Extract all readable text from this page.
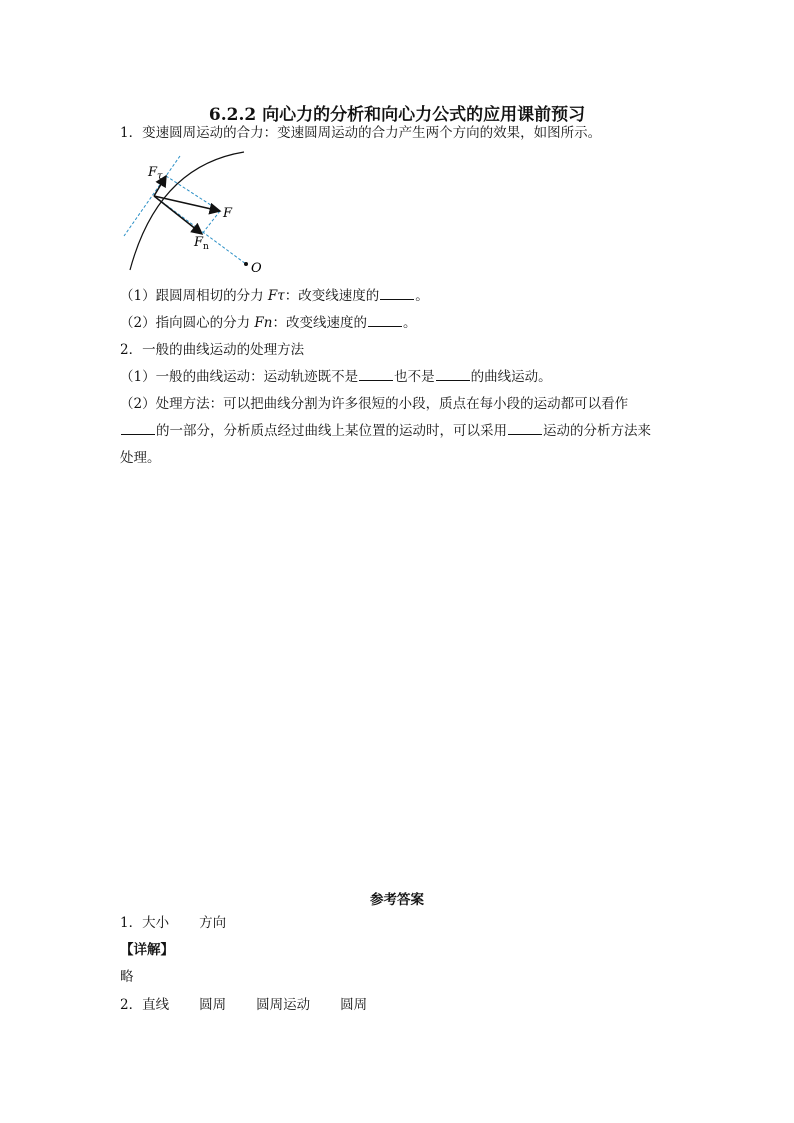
6.2.2 向心力的分析和向心力公式的应用课前预习
1．变速圆周运动的合力：变速圆周运动的合力产生两个方向的效果，如图所示。
$F_\tau$
F
$F_n$
O
（1）跟圆周相切的分力 Fτ：改变线速度的	。
（2）指向圆心的分力 Fn：改变线速度的	。
2．一般的曲线运动的处理方法
（1）一般的曲线运动：运动轨迹既不是	也不是	的曲线运动。
（2）处理方法：可以把曲线分割为许多很短的小段，质点在每小段的运动都可以看作
的一部分，分析质点经过曲线上某位置的运动时，可以采用	运动的分析方法来
处理。
参考答案
1．大小 方向
【详解】
略
2．直线 圆周 圆周运动 圆周
